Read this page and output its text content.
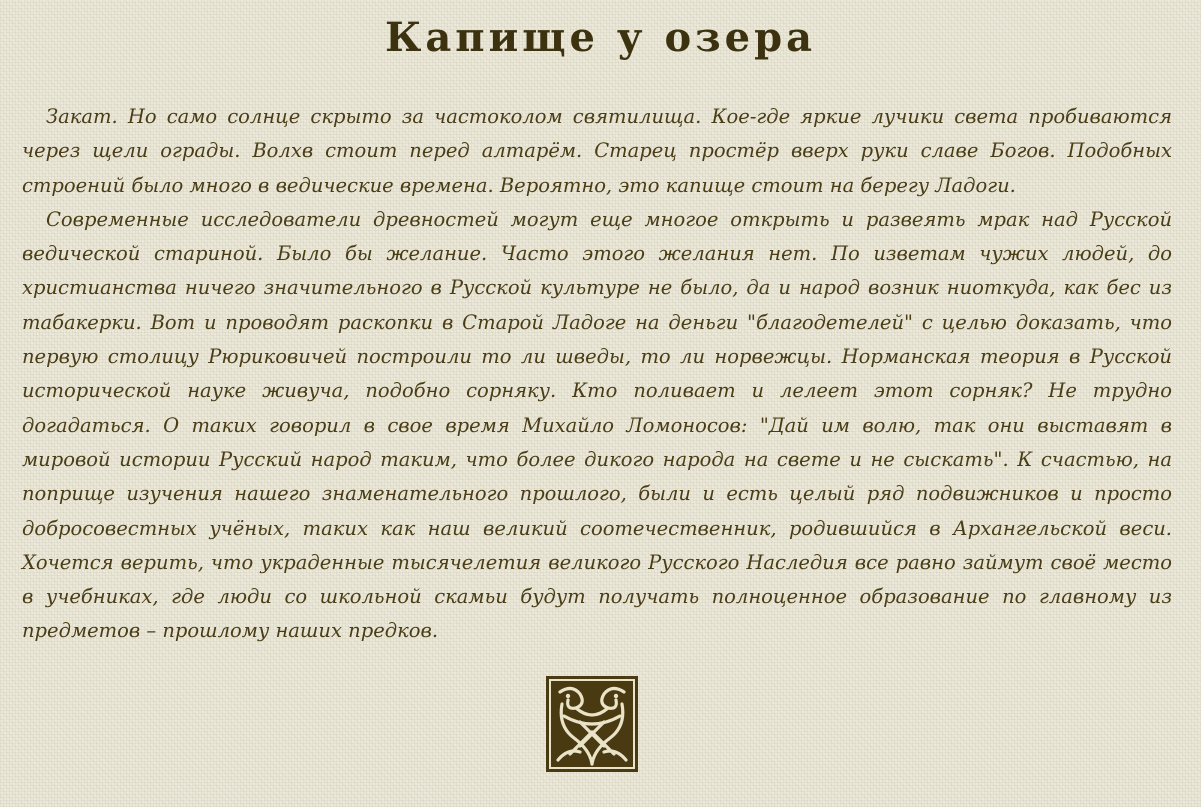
Капище у озера

Закат. Но само солнце скрыто за частоколом святилища. Кое-где яркие лучики света пробиваются через щели ограды. Волхв стоит перед алтарём. Старец простёр вверх руки славе Богов. Подобных строений было много в ведические времена. Вероятно, это капище стоит на берегу Ладоги.

Современные исследователи древностей могут еще многое открыть и развеять мрак над Русской ведической стариной. Было бы желание. Часто этого желания нет. По изветам чужих людей, до христианства ничего значительного в Русской культуре не было, да и народ возник ниоткуда, как бес из табакерки. Вот и проводят раскопки в Старой Ладоге на деньги "благодетелей" с целью доказать, что первую столицу Рюриковичей построили то ли шведы, то ли норвежцы. Норманская теория в Русской исторической науке живуча, подобно сорняку. Кто поливает и лелеет этот сорняк? Не трудно догадаться. О таких говорил в свое время Михайло Ломоносов: "Дай им волю, так они выставят в мировой истории Русский народ таким, что более дикого народа на свете и не сыскать". К счастью, на поприще изучения нашего знаменательного прошлого, были и есть целый ряд подвижников и просто добросовестных учёных, таких как наш великий соотечественник, родившийся в Архангельской веси. Хочется верить, что украденные тысячелетия великого Русского Наследия все равно займут своё место в учебниках, где люди со школьной скамьи будут получать полноценное образование по главному из предметов – прошлому наших предков.
